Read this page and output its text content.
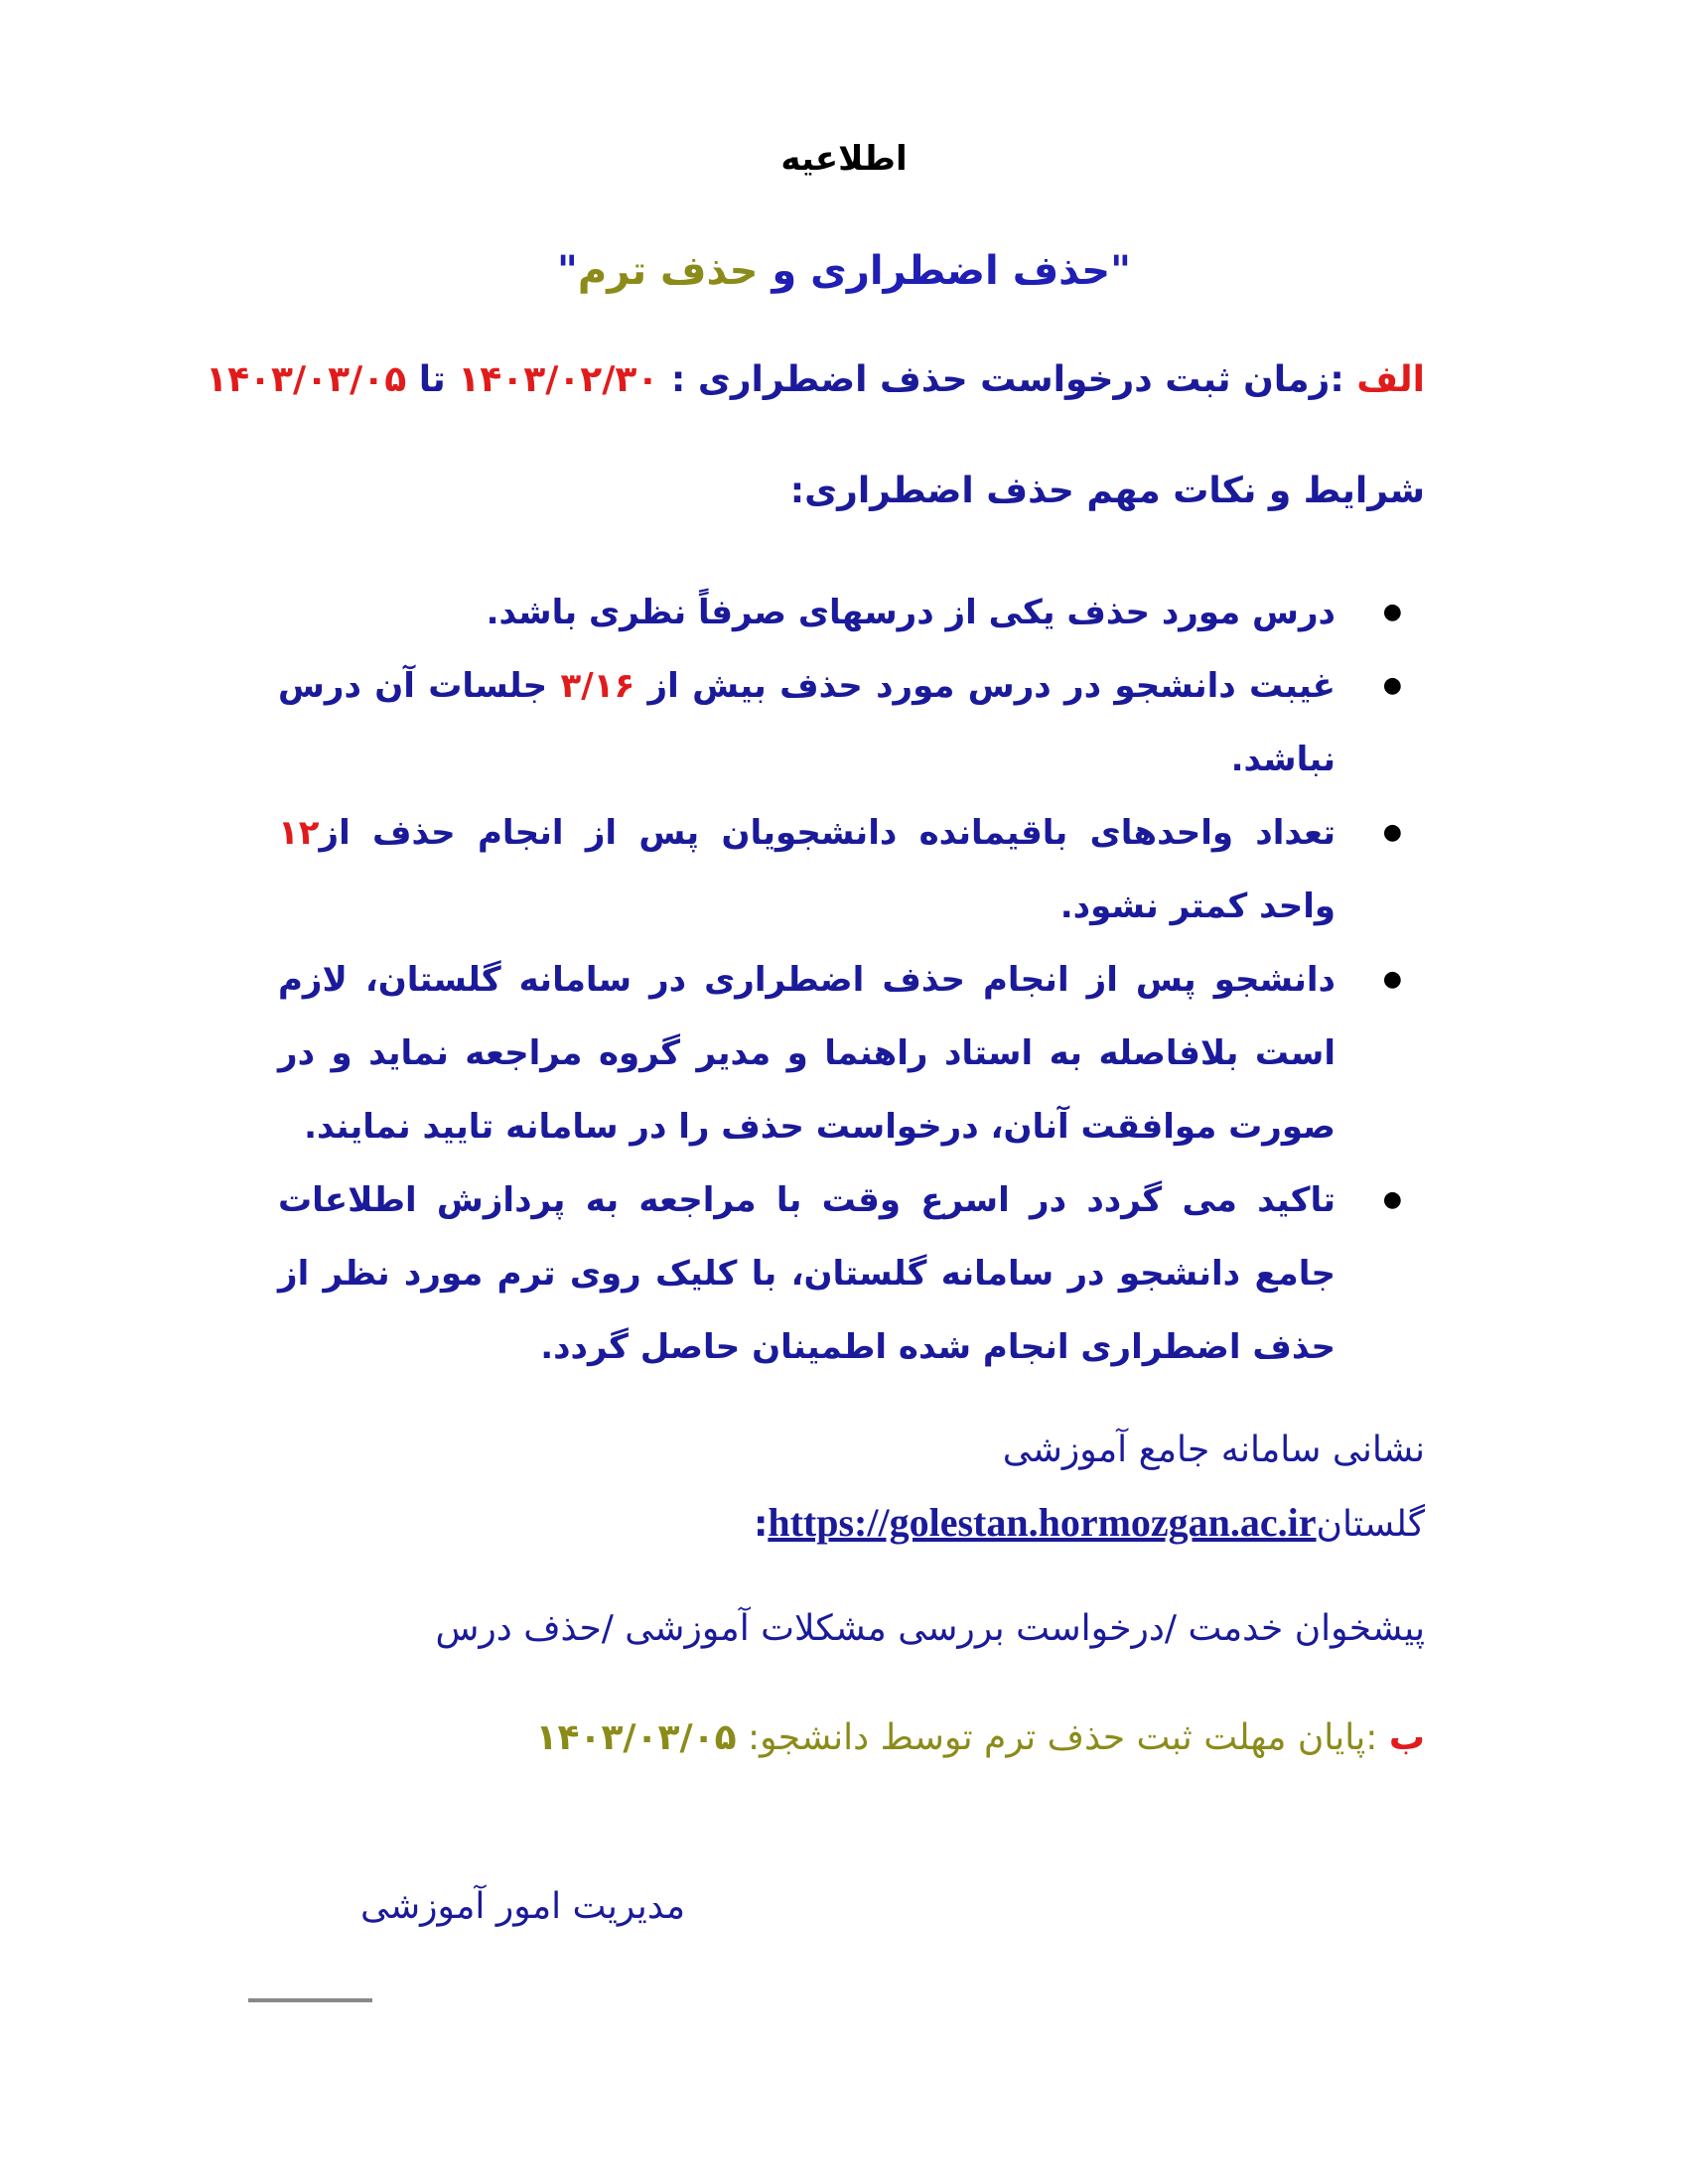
اطلاعیه
"حذف اضطراری و حذف ترم"
الف :زمان ثبت درخواست حذف اضطراری : ۱۴۰۳/۰۲/۳۰ تا ۱۴۰۳/۰۳/۰۵
شرایط و نکات مهم حذف اضطراری:
●
درس مورد حذف یکی از درسهای صرفاً نظری باشد.
●
غیبت دانشجو در درس مورد حذف بیش از ۳/۱۶ جلسات آن درس نباشد.
●
تعداد واحدهای باقیمانده دانشجویان پس از انجام حذف از۱۲ واحد کمتر نشود.
●
دانشجو پس از انجام حذف اضطراری در سامانه گلستان، لازم است بلافاصله به استاد راهنما و مدیر گروه مراجعه نماید و در صورت موافقت آنان، درخواست حذف را در سامانه تایید نمایند.
●
تاکید می گردد در اسرع وقت با مراجعه به پردازش اطلاعات جامع دانشجو در سامانه گلستان، با کلیک روی ترم مورد نظر از حذف اضطراری انجام شده اطمینان حاصل گردد.
نشانی سامانه جامع آموزشی
گلستانhttps://golestan.hormozgan.ac.ir:
پیشخوان خدمت /درخواست بررسی مشکلات آموزشی /حذف درس
ب :پایان مهلت ثبت حذف ترم توسط دانشجو: ۱۴۰۳/۰۳/۰۵
مدیریت امور آموزشی
